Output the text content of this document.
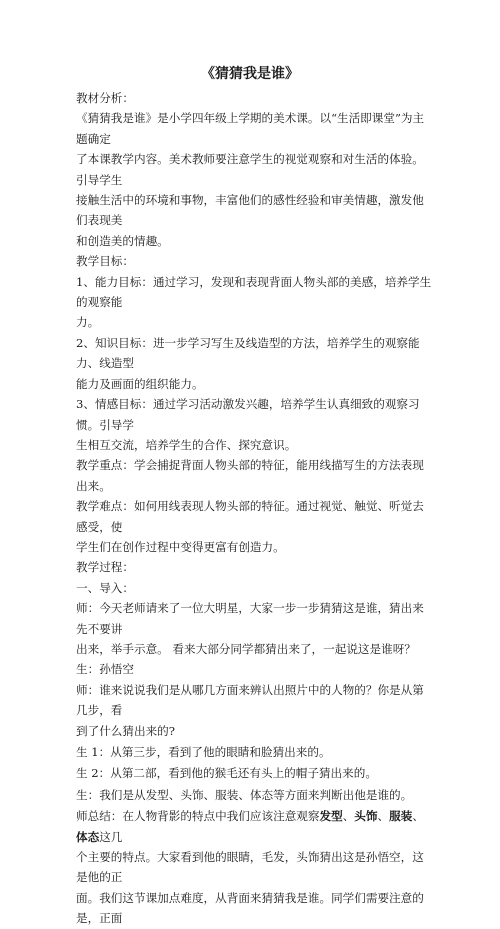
《猜猜我是谁》

教材分析：

《猜猜我是谁》是小学四年级上学期的美术课。以“生活即课堂”为主题确定

了本课教学内容。美术教师要注意学生的视觉观察和对生活的体验。引导学生

接触生活中的环境和事物，丰富他们的感性经验和审美情趣，激发他们表现美

和创造美的情趣。

教学目标：

1、能力目标：通过学习，发现和表现背面人物头部的美感，培养学生的观察能

力。

2、知识目标：进一步学习写生及线造型的方法，培养学生的观察能力、线造型

能力及画面的组织能力。

3、情感目标：通过学习活动激发兴趣，培养学生认真细致的观察习惯。引导学

生相互交流，培养学生的合作、探究意识。

教学重点：学会捕捉背面人物头部的特征，能用线描写生的方法表现出来。

教学难点：如何用线表现人物头部的特征。通过视觉、触觉、听觉去感受，使

学生们在创作过程中变得更富有创造力。

教学过程：

一、导入：

师：今天老师请来了一位大明星，大家一步一步猜猜这是谁，猜出来先不要讲

出来，举手示意。 看来大部分同学都猜出来了，一起说这是谁呀？

生：孙悟空

师：谁来说说我们是从哪几方面来辨认出照片中的人物的？你是从第几步，看

到了什么猜出来的?

生 1：从第三步，看到了他的眼睛和脸猜出来的。

生 2：从第二部，看到他的猴毛还有头上的帽子猜出来的。

生：我们是从发型、头饰、服装、体态等方面来判断出他是谁的。

师总结：在人物背影的特点中我们应该注意观察发型、头饰、服装、体态这几

个主要的特点。大家看到他的眼睛，毛发，头饰猜出这是孙悟空，这是他的正

面。我们这节课加点难度，从背面来猜猜我是谁。同学们需要注意的是，正面
